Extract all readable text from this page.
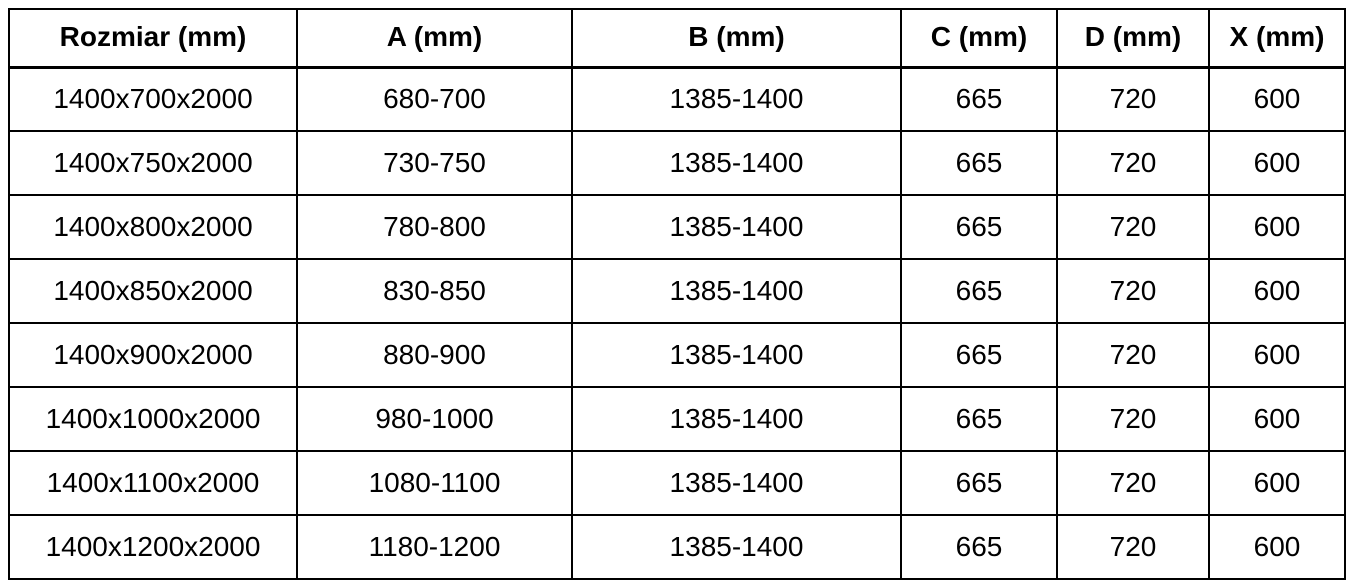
Rozmiar (mm)	A (mm)	B (mm)	C (mm)	D (mm)	X (mm)
1400x700x2000	680-700	1385-1400	665	720	600
1400x750x2000	730-750	1385-1400	665	720	600
1400x800x2000	780-800	1385-1400	665	720	600
1400x850x2000	830-850	1385-1400	665	720	600
1400x900x2000	880-900	1385-1400	665	720	600
1400x1000x2000	980-1000	1385-1400	665	720	600
1400x1100x2000	1080-1100	1385-1400	665	720	600
1400x1200x2000	1180-1200	1385-1400	665	720	600
